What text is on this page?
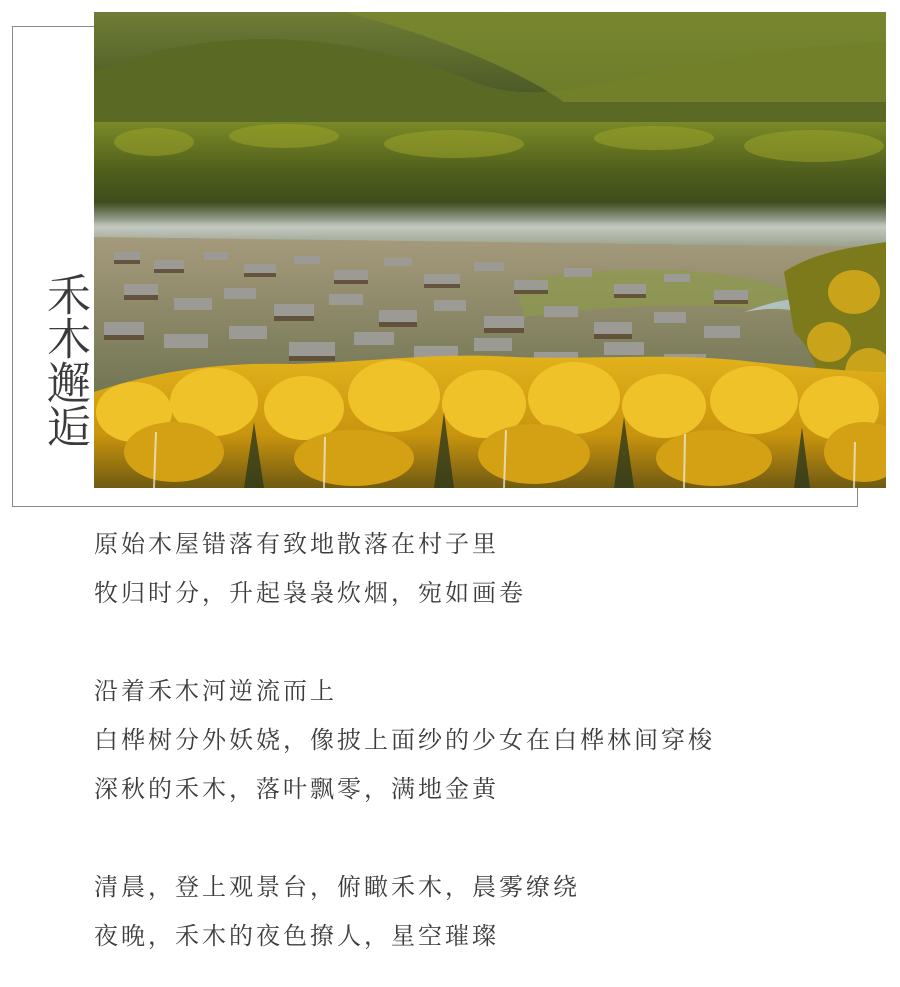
禾木邂逅
原始木屋错落有致地散落在村子里
牧归时分，升起袅袅炊烟，宛如画卷
沿着禾木河逆流而上
白桦树分外妖娆，像披上面纱的少女在白桦林间穿梭
深秋的禾木，落叶飘零，满地金黄
清晨，登上观景台，俯瞰禾木，晨雾缭绕
夜晚，禾木的夜色撩人，星空璀璨
